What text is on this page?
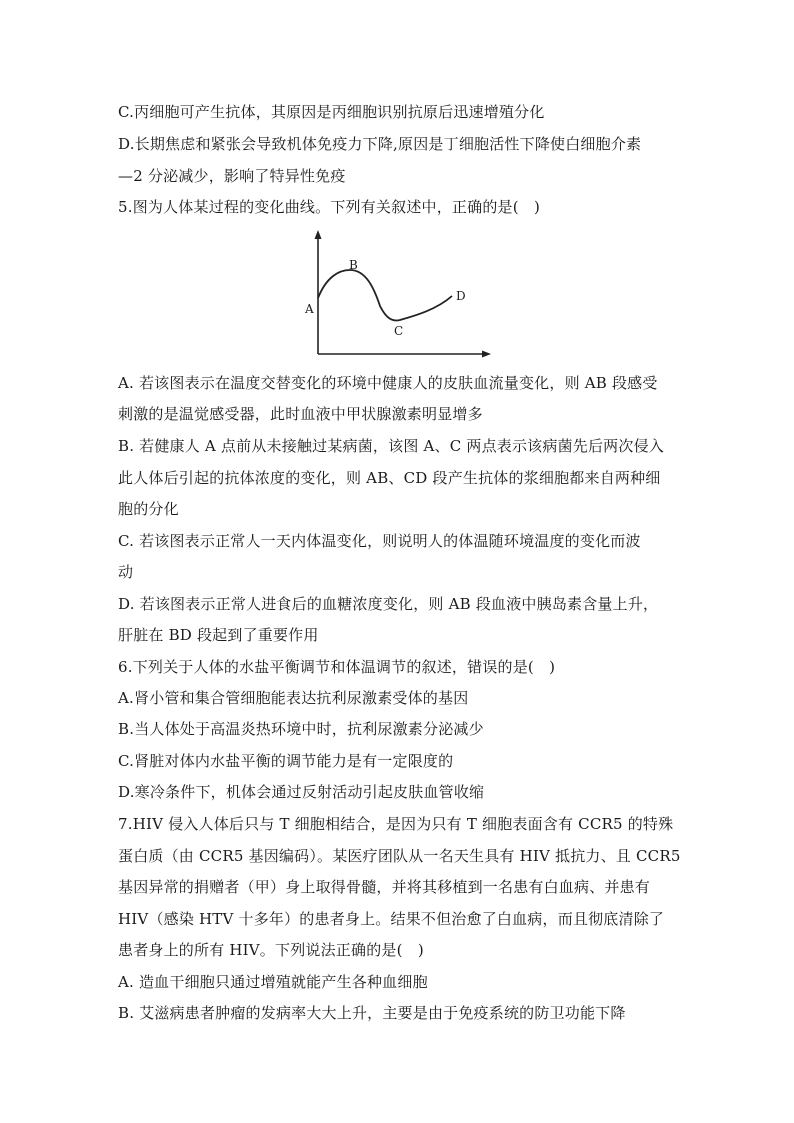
C.丙细胞可产生抗体，其原因是丙细胞识别抗原后迅速增殖分化
D.长期焦虑和紧张会导致机体免疫力下降,原因是丁细胞活性下降使白细胞介素
—2 分泌减少，影响了特异性免疫
5.图为人体某过程的变化曲线。下列有关叙述中，正确的是(　)
A
B
C
D
A. 若该图表示在温度交替变化的环境中健康人的皮肤血流量变化，则 AB 段感受
刺激的是温觉感受器，此时血液中甲状腺激素明显增多
B. 若健康人 A 点前从未接触过某病菌，该图 A、C 两点表示该病菌先后两次侵入
此人体后引起的抗体浓度的变化，则 AB、CD 段产生抗体的浆细胞都来自两种细
胞的分化
C. 若该图表示正常人一天内体温变化，则说明人的体温随环境温度的变化而波
动
D. 若该图表示正常人进食后的血糖浓度变化，则 AB 段血液中胰岛素含量上升，
肝脏在 BD 段起到了重要作用
6.下列关于人体的水盐平衡调节和体温调节的叙述，错误的是(　)
A.肾小管和集合管细胞能表达抗利尿激素受体的基因
B.当人体处于高温炎热环境中时，抗利尿激素分泌减少
C.肾脏对体内水盐平衡的调节能力是有一定限度的
D.寒冷条件下，机体会通过反射活动引起皮肤血管收缩
7.HIV 侵入人体后只与 T 细胞相结合，是因为只有 T 细胞表面含有 CCR5 的特殊
蛋白质（由 CCR5 基因编码）。某医疗团队从一名天生具有 HIV 抵抗力、且 CCR5
基因异常的捐赠者（甲）身上取得骨髓，并将其移植到一名患有白血病、并患有
HIV（感染 HTV 十多年）的患者身上。结果不但治愈了白血病，而且彻底清除了
患者身上的所有 HIV。下列说法正确的是(　)
A. 造血干细胞只通过增殖就能产生各种血细胞
B. 艾滋病患者肿瘤的发病率大大上升，主要是由于免疫系统的防卫功能下降
